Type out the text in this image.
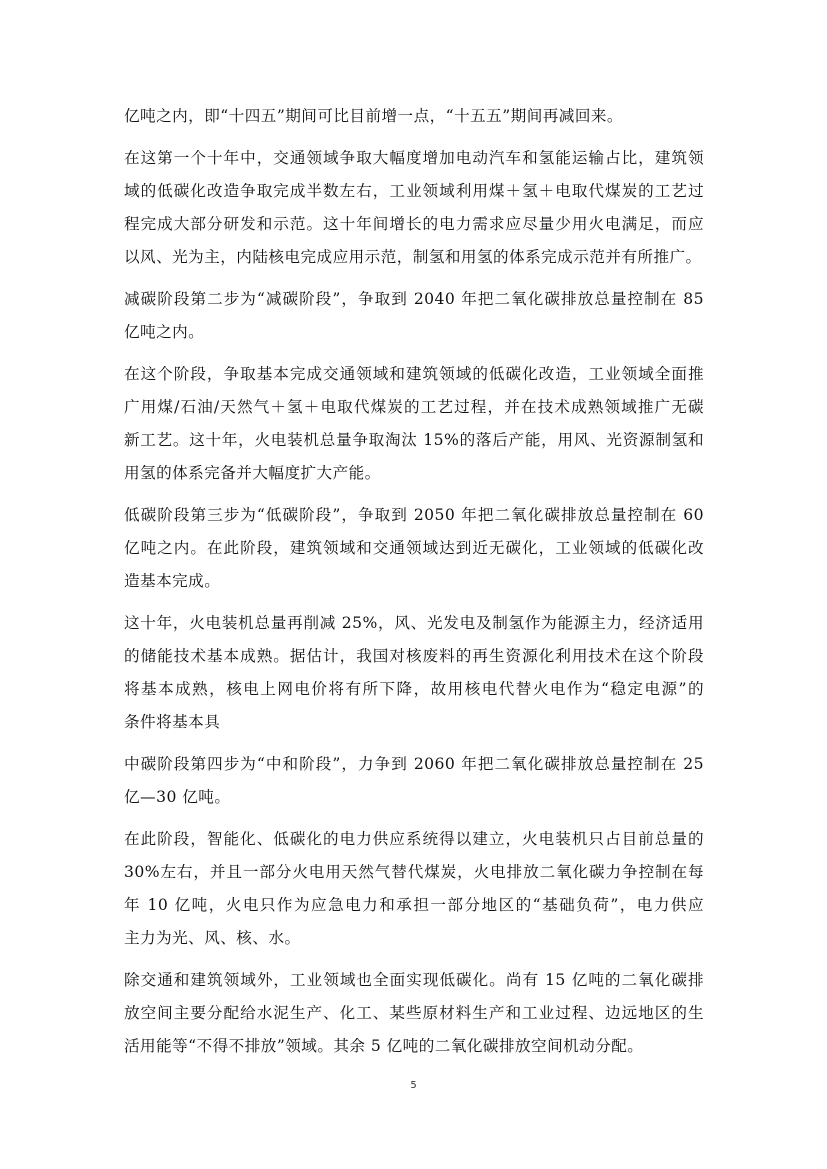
亿吨之内，即“十四五”期间可比目前增一点，“十五五”期间再减回来。

在这第一个十年中，交通领域争取大幅度增加电动汽车和氢能运输占比，建筑领
域的低碳化改造争取完成半数左右，工业领域利用煤＋氢＋电取代煤炭的工艺过
程完成大部分研发和示范。这十年间增长的电力需求应尽量少用火电满足，而应
以风、光为主，内陆核电完成应用示范，制氢和用氢的体系完成示范并有所推广。

减碳阶段第二步为“减碳阶段”，争取到 2040 年把二氧化碳排放总量控制在 85
亿吨之内。

在这个阶段，争取基本完成交通领域和建筑领域的低碳化改造，工业领域全面推
广用煤/石油/天然气＋氢＋电取代煤炭的工艺过程，并在技术成熟领域推广无碳
新工艺。这十年，火电装机总量争取淘汰 15%的落后产能，用风、光资源制氢和
用氢的体系完备并大幅度扩大产能。

低碳阶段第三步为“低碳阶段”，争取到 2050 年把二氧化碳排放总量控制在 60
亿吨之内。在此阶段，建筑领域和交通领域达到近无碳化，工业领域的低碳化改
造基本完成。

这十年，火电装机总量再削减 25%，风、光发电及制氢作为能源主力，经济适用
的储能技术基本成熟。据估计，我国对核废料的再生资源化利用技术在这个阶段
将基本成熟，核电上网电价将有所下降，故用核电代替火电作为“稳定电源”的
条件将基本具

中碳阶段第四步为“中和阶段”，力争到 2060 年把二氧化碳排放总量控制在 25
亿—30 亿吨。

在此阶段，智能化、低碳化的电力供应系统得以建立，火电装机只占目前总量的
30%左右，并且一部分火电用天然气替代煤炭，火电排放二氧化碳力争控制在每
年 10 亿吨，火电只作为应急电力和承担一部分地区的“基础负荷”，电力供应
主力为光、风、核、水。

除交通和建筑领域外，工业领域也全面实现低碳化。尚有 15 亿吨的二氧化碳排
放空间主要分配给水泥生产、化工、某些原材料生产和工业过程、边远地区的生
活用能等“不得不排放”领域。其余 5 亿吨的二氧化碳排放空间机动分配。

5
